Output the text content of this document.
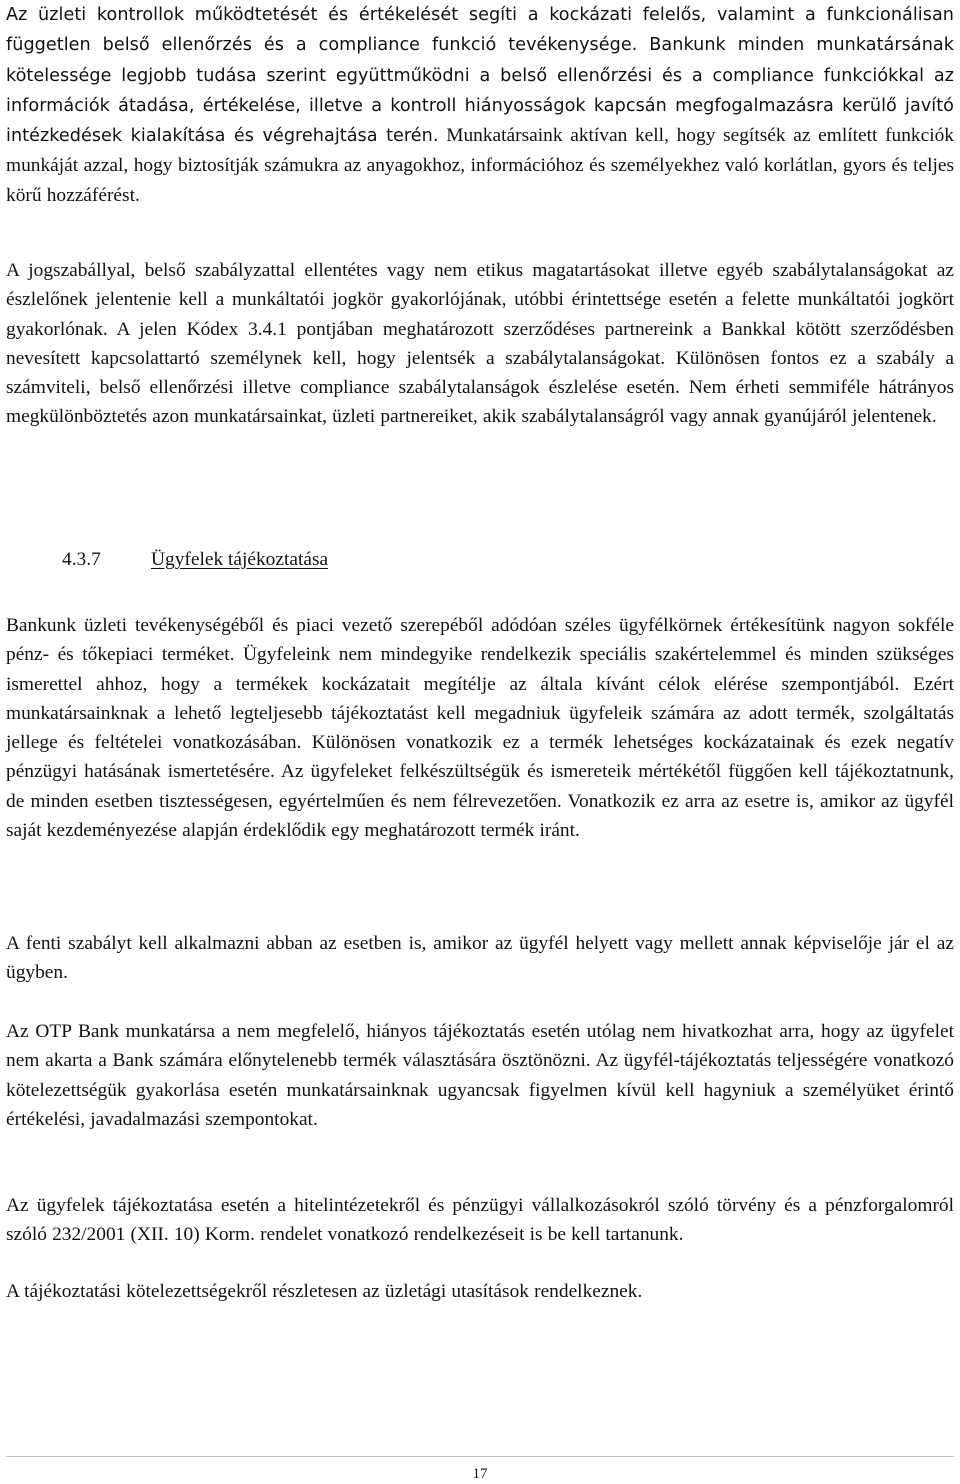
Az üzleti kontrollok működtetését és értékelését segíti a kockázati felelős, valamint a funkcionálisan független belső ellenőrzés és a compliance funkció tevékenysége. Bankunk minden munkatársának kötelessége legjobb tudása szerint együttműködni a belső ellenőrzési és a compliance funkciókkal az információk átadása, értékelése, illetve a kontroll hiányosságok kapcsán megfogalmazásra kerülő javító intézkedések kialakítása és végrehajtása terén. Munkatársaink aktívan kell, hogy segítsék az említett funkciók munkáját azzal, hogy biztosítják számukra az anyagokhoz, információhoz és személyekhez való korlátlan, gyors és teljes körű hozzáférést.

A jogszabállyal, belső szabályzattal ellentétes vagy nem etikus magatartásokat illetve egyéb szabálytalanságokat az észlelőnek jelentenie kell a munkáltatói jogkör gyakorlójának, utóbbi érintettsége esetén a felette munkáltatói jogkört gyakorlónak. A jelen Kódex 3.4.1 pontjában meghatározott szerződéses partnereink a Bankkal kötött szerződésben nevesített kapcsolattartó személynek kell, hogy jelentsék a szabálytalanságokat. Különösen fontos ez a szabály a számviteli, belső ellenőrzési illetve compliance szabálytalanságok észlelése esetén. Nem érheti semmiféle hátrányos megkülönböztetés azon munkatársainkat, üzleti partnereiket, akik szabálytalanságról vagy annak gyanújáról jelentenek.

4.3.7	Ügyfelek tájékoztatása

Bankunk üzleti tevékenységéből és piaci vezető szerepéből adódóan széles ügyfélkörnek értékesítünk nagyon sokféle pénz- és tőkepiaci terméket. Ügyfeleink nem mindegyike rendelkezik speciális szakértelemmel és minden szükséges ismerettel ahhoz, hogy a termékek kockázatait megítélje az általa kívánt célok elérése szempontjából. Ezért munkatársainknak a lehető legteljesebb tájékoztatást kell megadniuk ügyfeleik számára az adott termék, szolgáltatás jellege és feltételei vonatkozásában. Különösen vonatkozik ez a termék lehetséges kockázatainak és ezek negatív pénzügyi hatásának ismertetésére. Az ügyfeleket felkészültségük és ismereteik mértékétől függően kell tájékoztatnunk, de minden esetben tisztességesen, egyértelműen és nem félrevezetően. Vonatkozik ez arra az esetre is, amikor az ügyfél saját kezdeményezése alapján érdeklődik egy meghatározott termék iránt.

A fenti szabályt kell alkalmazni abban az esetben is, amikor az ügyfél helyett vagy mellett annak képviselője jár el az ügyben.

Az OTP Bank munkatársa a nem megfelelő, hiányos tájékoztatás esetén utólag nem hivatkozhat arra, hogy az ügyfelet nem akarta a Bank számára előnytelenebb termék választására ösztönözni. Az ügyfél-tájékoztatás teljességére vonatkozó kötelezettségük gyakorlása esetén munkatársainknak ugyancsak figyelmen kívül kell hagyniuk a személyüket érintő értékelési, javadalmazási szempontokat.

Az ügyfelek tájékoztatása esetén a hitelintézetekről és pénzügyi vállalkozásokról szóló törvény és a pénzforgalomról szóló 232/2001 (XII. 10) Korm. rendelet vonatkozó rendelkezéseit is be kell tartanunk.

A tájékoztatási kötelezettségekről részletesen az üzletági utasítások rendelkeznek.

17
